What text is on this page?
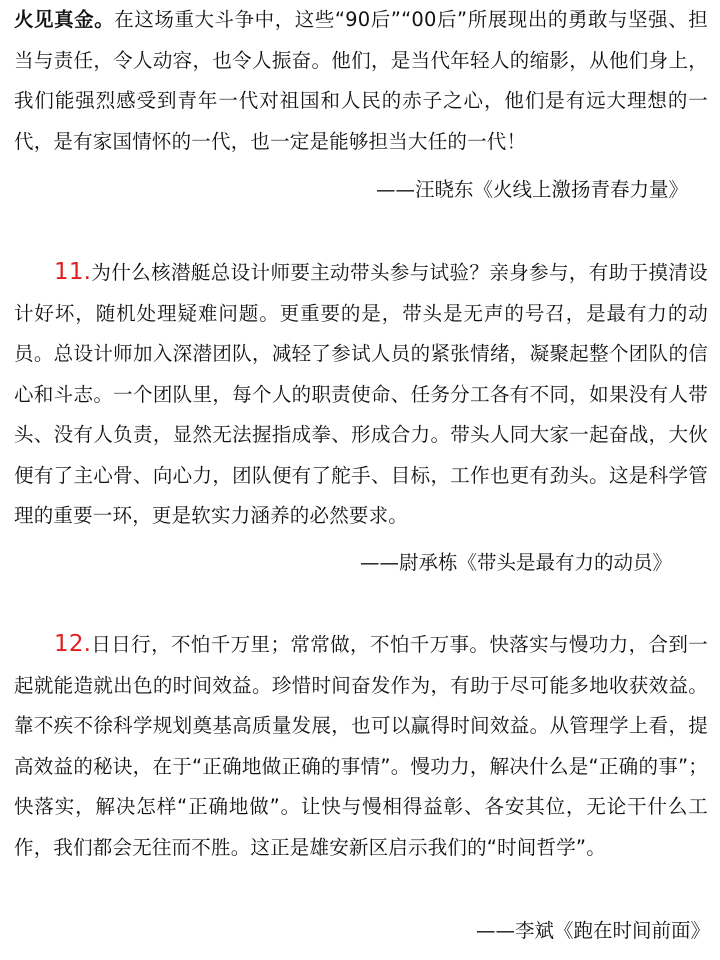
火见真金。在这场重大斗争中，这些“90后”“00后”所展现出的勇敢与坚强、担当与责任，令人动容，也令人振奋。他们，是当代年轻人的缩影，从他们身上，我们能强烈感受到青年一代对祖国和人民的赤子之心，他们是有远大理想的一代，是有家国情怀的一代，也一定是能够担当大任的一代！
——汪晓东《火线上激扬青春力量》
11.为什么核潜艇总设计师要主动带头参与试验？亲身参与，有助于摸清设计好坏，随机处理疑难问题。更重要的是，带头是无声的号召，是最有力的动员。总设计师加入深潜团队，减轻了参试人员的紧张情绪，凝聚起整个团队的信心和斗志。一个团队里，每个人的职责使命、任务分工各有不同，如果没有人带头、没有人负责，显然无法握指成拳、形成合力。带头人同大家一起奋战，大伙便有了主心骨、向心力，团队便有了舵手、目标，工作也更有劲头。这是科学管理的重要一环，更是软实力涵养的必然要求。
——尉承栋《带头是最有力的动员》
12.日日行，不怕千万里；常常做，不怕千万事。快落实与慢功力，合到一起就能造就出色的时间效益。珍惜时间奋发作为，有助于尽可能多地收获效益。靠不疾不徐科学规划奠基高质量发展，也可以赢得时间效益。从管理学上看，提高效益的秘诀，在于“正确地做正确的事情”。慢功力，解决什么是“正确的事”；快落实，解决怎样“正确地做”。让快与慢相得益彰、各安其位，无论干什么工作，我们都会无往而不胜。这正是雄安新区启示我们的“时间哲学”。
——李斌《跑在时间前面》
